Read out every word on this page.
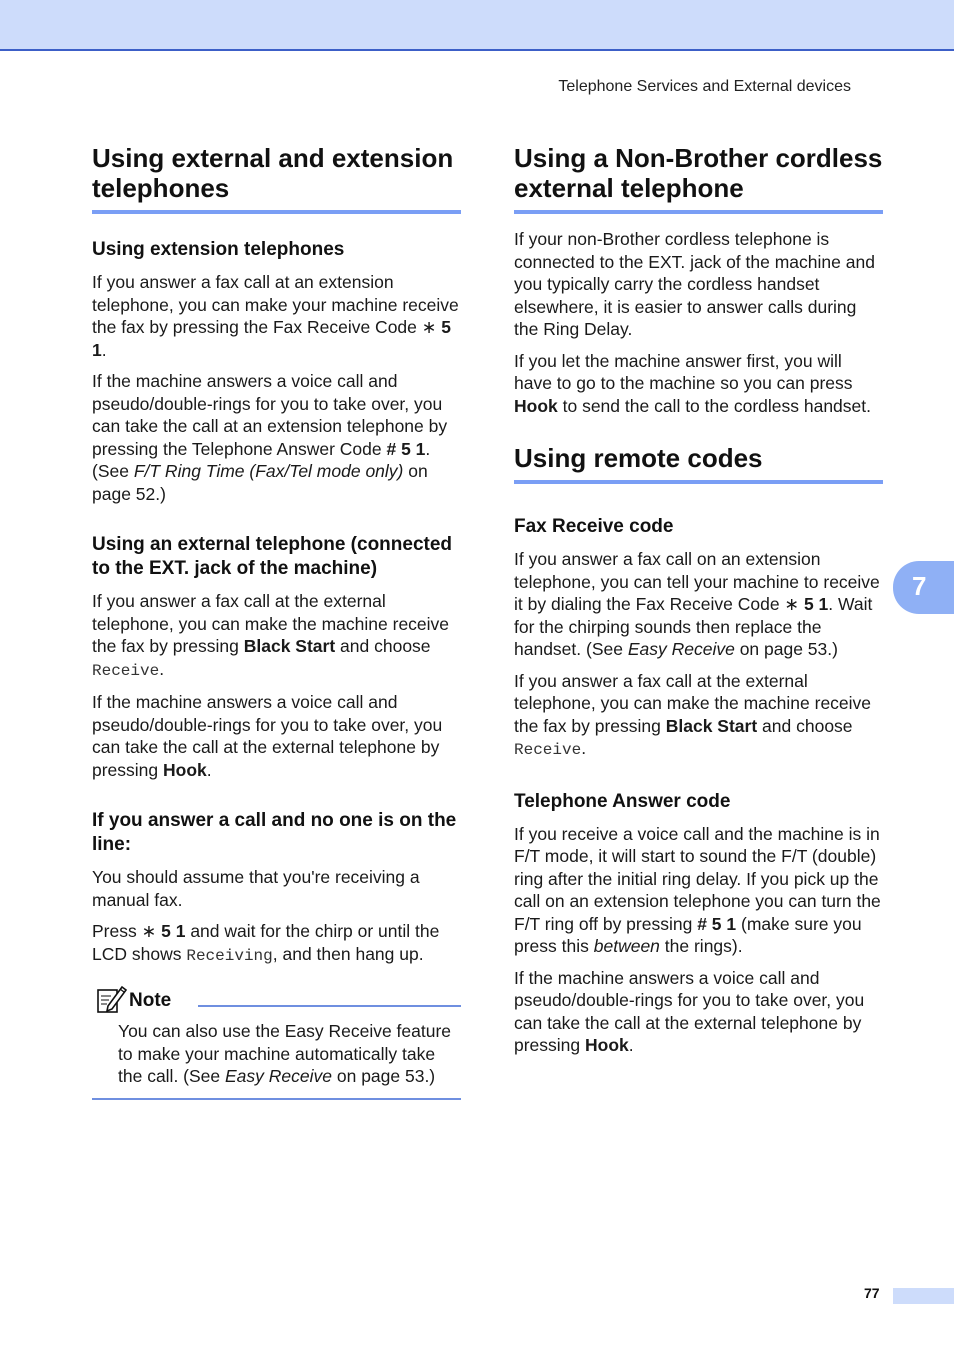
Telephone Services and External devices
Using external and extension telephones
Using extension telephones

If you answer a fax call at an extension telephone, you can make your machine receive the fax by pressing the Fax Receive Code ∗ 5 1.

If the machine answers a voice call and pseudo/double-rings for you to take over, you can take the call at an extension telephone by pressing the Telephone Answer Code # 5 1. (See F/T Ring Time (Fax/Tel mode only) on page 52.)

Using an external telephone (connected to the EXT. jack of the machine)

If you answer a fax call at the external telephone, you can make the machine receive the fax by pressing Black Start and choose Receive.

If the machine answers a voice call and pseudo/double-rings for you to take over, you can take the call at the external telephone by pressing Hook.

If you answer a call and no one is on the line:

You should assume that you're receiving a manual fax.

Press ∗ 5 1 and wait for the chirp or until the LCD shows Receiving, and then hang up.

Note

You can also use the Easy Receive feature to make your machine automatically take the call. (See Easy Receive on page 53.)

Using a Non-Brother cordless external telephone

If your non-Brother cordless telephone is connected to the EXT. jack of the machine and you typically carry the cordless handset elsewhere, it is easier to answer calls during the Ring Delay.

If you let the machine answer first, you will have to go to the machine so you can press Hook to send the call to the cordless handset.

Using remote codes
Fax Receive code

If you answer a fax call on an extension telephone, you can tell your machine to receive it by dialing the Fax Receive Code ∗ 5 1. Wait for the chirping sounds then replace the handset. (See Easy Receive on page 53.)

If you answer a fax call at the external telephone, you can make the machine receive the fax by pressing Black Start and choose Receive.

Telephone Answer code

If you receive a voice call and the machine is in F/T mode, it will start to sound the F/T (double) ring after the initial ring delay. If you pick up the call on an extension telephone you can turn the F/T ring off by pressing # 5 1 (make sure you press this between the rings).

If the machine answers a voice call and pseudo/double-rings for you to take over, you can take the call at the external telephone by pressing Hook.

7
77
